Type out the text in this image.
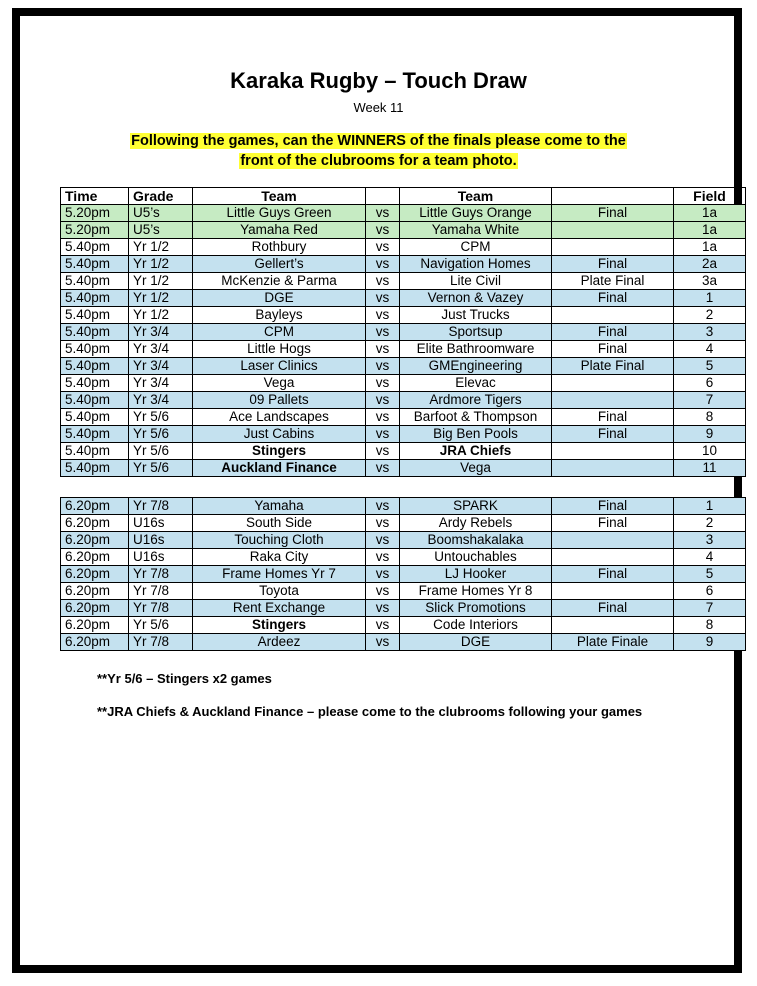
Karaka Rugby – Touch Draw

Week 11

Following the games, can the WINNERS of the finals please come to the
front of the clubrooms for a team photo.
Time	Grade	Team		Team		Field
5.20pm	U5’s	Little Guys Green	vs	Little Guys Orange	Final	1a
5.20pm	U5’s	Yamaha Red	vs	Yamaha White		1a
5.40pm	Yr 1/2	Rothbury	vs	CPM		1a
5.40pm	Yr 1/2	Gellert’s	vs	Navigation Homes	Final	2a
5.40pm	Yr 1/2	McKenzie & Parma	vs	Lite Civil	Plate Final	3a
5.40pm	Yr 1/2	DGE	vs	Vernon & Vazey	Final	1
5.40pm	Yr 1/2	Bayleys	vs	Just Trucks		2
5.40pm	Yr 3/4	CPM	vs	Sportsup	Final	3
5.40pm	Yr 3/4	Little Hogs	vs	Elite Bathroomware	Final	4
5.40pm	Yr 3/4	Laser Clinics	vs	GMEngineering	Plate Final	5
5.40pm	Yr 3/4	Vega	vs	Elevac		6
5.40pm	Yr 3/4	09 Pallets	vs	Ardmore Tigers		7
5.40pm	Yr 5/6	Ace Landscapes	vs	Barfoot & Thompson	Final	8
5.40pm	Yr 5/6	Just Cabins	vs	Big Ben Pools	Final	9
5.40pm	Yr 5/6	Stingers	vs	JRA Chiefs		10
5.40pm	Yr 5/6	Auckland Finance	vs	Vega		11
6.20pm	Yr 7/8	Yamaha	vs	SPARK	Final	1
6.20pm	U16s	South Side	vs	Ardy Rebels	Final	2
6.20pm	U16s	Touching Cloth	vs	Boomshakalaka		3
6.20pm	U16s	Raka City	vs	Untouchables		4
6.20pm	Yr 7/8	Frame Homes Yr 7	vs	LJ Hooker	Final	5
6.20pm	Yr 7/8	Toyota	vs	Frame Homes Yr 8		6
6.20pm	Yr 7/8	Rent Exchange	vs	Slick Promotions	Final	7
6.20pm	Yr 5/6	Stingers	vs	Code Interiors		8
6.20pm	Yr 7/8	Ardeez	vs	DGE	Plate Finale	9

**Yr 5/6 – Stingers x2 games

**JRA Chiefs & Auckland Finance – please come to the clubrooms following your games
